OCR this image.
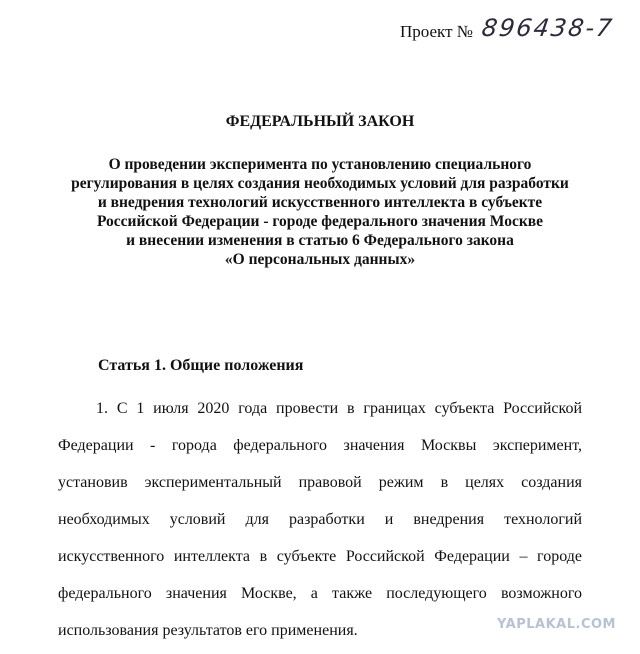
Проект № 896438-7
ФЕДЕРАЛЬНЫЙ ЗАКОН
О проведении эксперимента по установлению специального
регулирования в целях создания необходимых условий для разработки
и внедрения технологий искусственного интеллекта в субъекте
Российской Федерации - городе федерального значения Москве
и внесении изменения в статью 6 Федерального закона
«О персональных данных»
Статья 1. Общие положения
1. С 1 июля 2020 года провести в границах субъекта Российской
Федерации - города федерального значения Москвы эксперимент,
установив экспериментальный правовой режим в целях создания
необходимых условий для разработки и внедрения технологий
искусственного интеллекта в субъекте Российской Федерации – городе
федерального значения Москве, а также последующего возможного
использования результатов его применения.	YAPLAKAL.COM
